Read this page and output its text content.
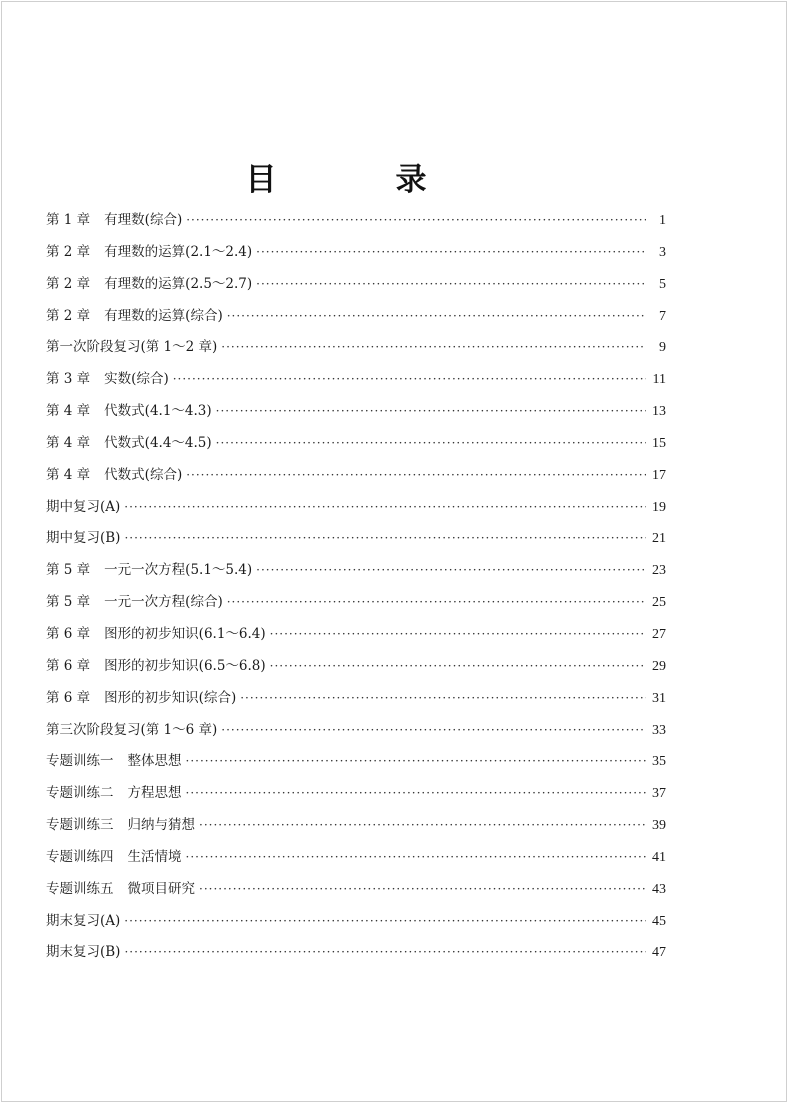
目　录
第 1 章 有理数(综合) ·····	1
第 2 章 有理数的运算(2.1～2.4) ·····	3
第 2 章 有理数的运算(2.5～2.7) ·····	5
第 2 章 有理数的运算(综合) ·····	7
第一次阶段复习(第 1～2 章) ·····	9
第 3 章 实数(综合) ·····	11
第 4 章 代数式(4.1～4.3) ·····	13
第 4 章 代数式(4.4～4.5) ·····	15
第 4 章 代数式(综合) ·····	17
期中复习(A) ·····	19
期中复习(B) ·····	21
第 5 章 一元一次方程(5.1～5.4) ·····	23
第 5 章 一元一次方程(综合) ·····	25
第 6 章 图形的初步知识(6.1～6.4) ·····	27
第 6 章 图形的初步知识(6.5～6.8) ·····	29
第 6 章 图形的初步知识(综合) ·····	31
第三次阶段复习(第 1～6 章) ·····	33
专题训练一 整体思想 ·····	35
专题训练二 方程思想 ·····	37
专题训练三 归纳与猜想 ·····	39
专题训练四 生活情境 ·····	41
专题训练五 微项目研究 ·····	43
期末复习(A) ·····	45
期末复习(B) ·····	47
